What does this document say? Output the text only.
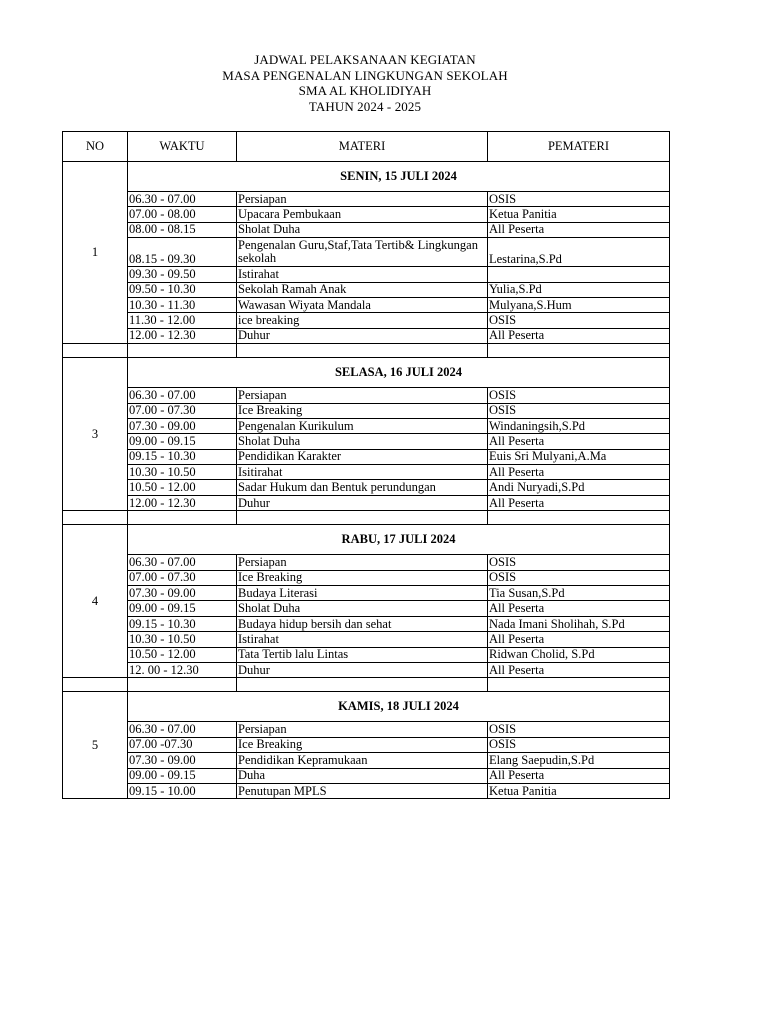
JADWAL PELAKSANAAN KEGIATAN
MASA PENGENALAN LINGKUNGAN SEKOLAH
SMA AL KHOLIDIYAH
TAHUN 2024 - 2025
NO	WAKTU	MATERI	PEMATERI
1	SENIN, 15 JULI 2024		
	06.30 - 07.00	Persiapan	OSIS
	07.00 - 08.00	Upacara Pembukaan	Ketua Panitia
	08.00 - 08.15	Sholat Duha	All Peserta
	08.15 - 09.30	Pengenalan Guru,Staf,Tata Tertib& Lingkungan sekolah	Lestarina,S.Pd
	09.30 - 09.50	Istirahat	
	09.50 - 10.30	Sekolah Ramah Anak	Yulia,S.Pd
	10.30 - 11.30	Wawasan Wiyata Mandala	Mulyana,S.Hum
	11.30 - 12.00	ice breaking	OSIS
	12.00 - 12.30	Duhur	All Peserta

3	SELASA, 16 JULI 2024		
	06.30 - 07.00	Persiapan	OSIS
	07.00 - 07.30	Ice Breaking	OSIS
	07.30 - 09.00	Pengenalan Kurikulum	Windaningsih,S.Pd
	09.00 - 09.15	Sholat Duha	All Peserta
	09.15 - 10.30	Pendidikan Karakter	Euis Sri Mulyani,A.Ma
	10.30 - 10.50	Isitirahat	All Peserta
	10.50 - 12.00	Sadar Hukum dan Bentuk perundungan	Andi Nuryadi,S.Pd
	12.00 - 12.30	Duhur	All Peserta

4	RABU, 17 JULI 2024		
	06.30 - 07.00	Persiapan	OSIS
	07.00 - 07.30	Ice Breaking	OSIS
	07.30 - 09.00	Budaya Literasi	Tia Susan,S.Pd
	09.00 - 09.15	Sholat Duha	All Peserta
	09.15 - 10.30	Budaya hidup bersih dan sehat	Nada Imani Sholihah, S.Pd
	10.30 - 10.50	Istirahat	All Peserta
	10.50 - 12.00	Tata Tertib lalu Lintas	Ridwan Cholid, S.Pd
	12. 00 - 12.30	Duhur	All Peserta

5	KAMIS, 18 JULI 2024		
	06.30 - 07.00	Persiapan	OSIS
	07.00 -07.30	Ice Breaking	OSIS
	07.30 - 09.00	Pendidikan Kepramukaan	Elang Saepudin,S.Pd
	09.00 - 09.15	Duha	All Peserta
	09.15 - 10.00	Penutupan MPLS	Ketua Panitia
